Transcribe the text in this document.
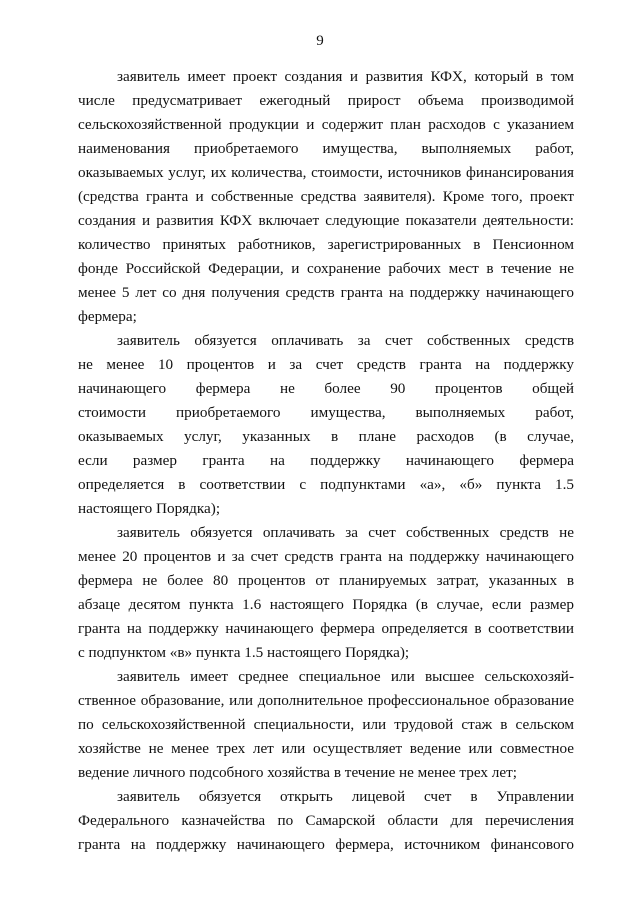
9
заявитель имеет проект создания и развития КФХ, который в том
числе предусматривает ежегодный прирост объема производимой
сельскохозяйственной продукции и содержит план расходов с указанием
наименования приобретаемого имущества, выполняемых работ,
оказываемых услуг, их количества, стоимости, источников финансирования
(средства гранта и собственные средства заявителя). Кроме того, проект
создания и развития КФХ включает следующие показатели деятельности:
количество принятых работников, зарегистрированных в Пенсионном
фонде Российской Федерации, и сохранение рабочих мест в течение не
менее 5 лет со дня получения средств гранта на поддержку начинающего
фермера;
заявитель обязуется оплачивать за счет собственных средств
не менее 10 процентов и за счет средств гранта на поддержку
начинающего фермера не более 90 процентов общей
стоимости приобретаемого имущества, выполняемых работ,
оказываемых услуг, указанных в плане расходов (в случае,
если размер гранта на поддержку начинающего фермера
определяется в соответствии с подпунктами «а», «б» пункта 1.5
настоящего Порядка);
заявитель обязуется оплачивать за счет собственных средств не
менее 20 процентов и за счет средств гранта на поддержку начинающего
фермера не более 80 процентов от планируемых затрат, указанных в
абзаце десятом пункта 1.6 настоящего Порядка (в случае, если размер
гранта на поддержку начинающего фермера определяется в соответствии
с подпунктом «в» пункта 1.5 настоящего Порядка);
заявитель имеет среднее специальное или высшее сельскохозяй-
ственное образование, или дополнительное профессиональное образование
по сельскохозяйственной специальности, или трудовой стаж в сельском
хозяйстве не менее трех лет или осуществляет ведение или совместное
ведение личного подсобного хозяйства в течение не менее трех лет;
заявитель обязуется открыть лицевой счет в Управлении
Федерального казначейства по Самарской области для перечисления
гранта на поддержку начинающего фермера, источником финансового
